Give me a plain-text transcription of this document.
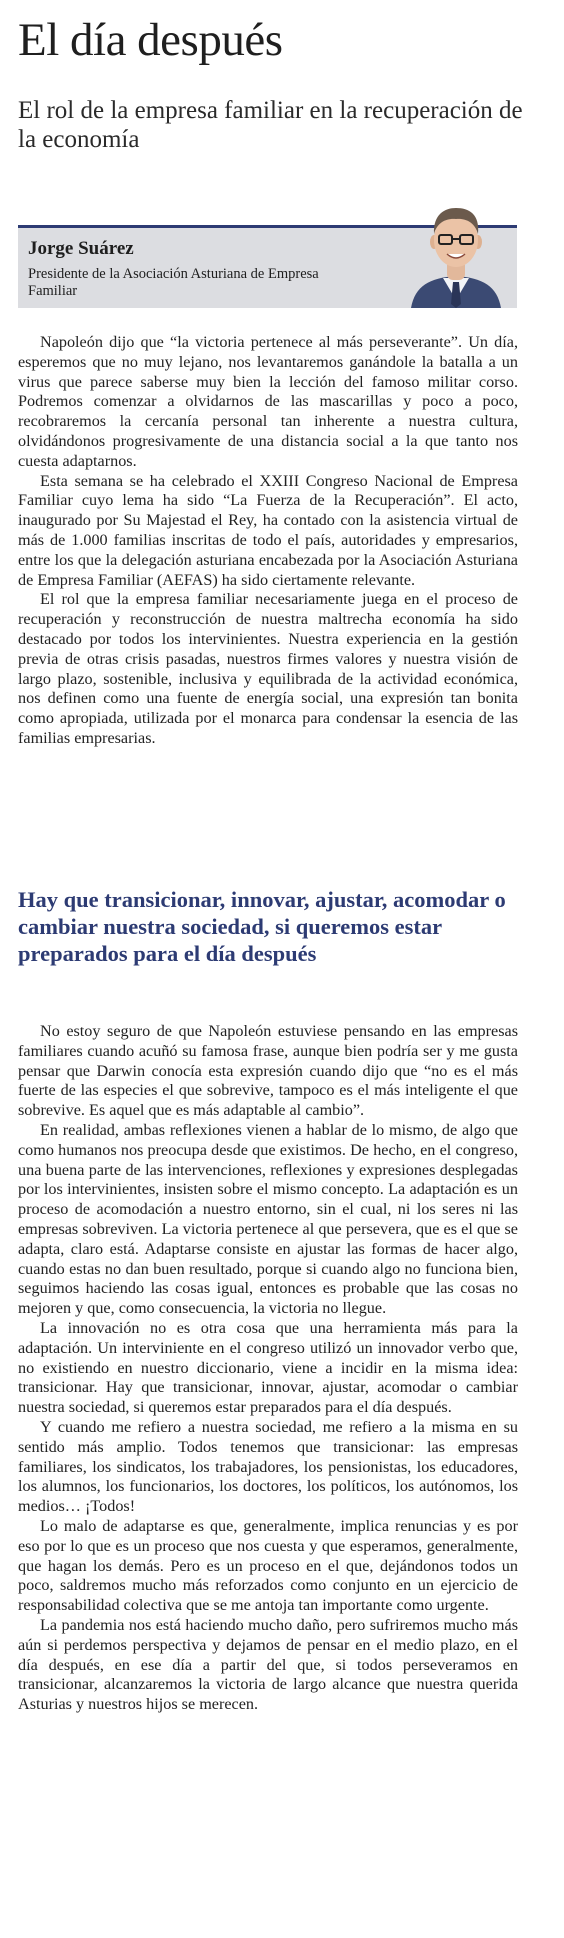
El día después
El rol de la empresa familiar en la recuperación de la economía
Jorge Suárez
Presidente de la Asociación Asturiana de Empresa Familiar

Napoleón dijo que “la victoria pertenece al más perseverante”. Un día, esperemos que no muy lejano, nos levantaremos ganándole la batalla a un virus que parece saberse muy bien la lección del famoso militar corso. Podremos comenzar a olvidarnos de las mascarillas y poco a poco, recobraremos la cercanía personal tan inherente a nuestra cultura, olvidándonos progresivamente de una distancia social a la que tanto nos cuesta adaptarnos.

Esta semana se ha celebrado el XXIII Congreso Nacional de Empresa Familiar cuyo lema ha sido “La Fuerza de la Recuperación”. El acto, inaugurado por Su Majestad el Rey, ha contado con la asistencia virtual de más de 1.000 familias inscritas de todo el país, autoridades y empresarios, entre los que la delegación asturiana encabezada por la Asociación Asturiana de Empresa Familiar (AEFAS) ha sido ciertamente relevante.

El rol que la empresa familiar necesariamente juega en el proceso de recuperación y reconstrucción de nuestra maltrecha economía ha sido destacado por todos los intervinientes. Nuestra experiencia en la gestión previa de otras crisis pasadas, nuestros firmes valores y nuestra visión de largo plazo, sostenible, inclusiva y equilibrada de la actividad económica, nos definen como una fuente de energía social, una expresión tan bonita como apropiada, utilizada por el monarca para condensar la esencia de las familias empresarias.

Hay que transicionar, innovar, ajustar, acomodar o cambiar nuestra sociedad, si queremos estar preparados para el día después

No estoy seguro de que Napoleón estuviese pensando en las empresas familiares cuando acuñó su famosa frase, aunque bien podría ser y me gusta pensar que Darwin conocía esta expresión cuando dijo que “no es el más fuerte de las especies el que sobrevive, tampoco es el más inteligente el que sobrevive. Es aquel que es más adaptable al cambio”.

En realidad, ambas reflexiones vienen a hablar de lo mismo, de algo que como humanos nos preocupa desde que existimos. De hecho, en el congreso, una buena parte de las intervenciones, reflexiones y expresiones desplegadas por los intervinientes, insisten sobre el mismo concepto. La adaptación es un proceso de acomodación a nuestro entorno, sin el cual, ni los seres ni las empresas sobreviven. La victoria pertenece al que persevera, que es el que se adapta, claro está. Adaptarse consiste en ajustar las formas de hacer algo, cuando estas no dan buen resultado, porque si cuando algo no funciona bien, seguimos haciendo las cosas igual, entonces es probable que las cosas no mejoren y que, como consecuencia, la victoria no llegue.

La innovación no es otra cosa que una herramienta más para la adaptación. Un interviniente en el congreso utilizó un innovador verbo que, no existiendo en nuestro diccionario, viene a incidir en la misma idea: transicionar. Hay que transicionar, innovar, ajustar, acomodar o cambiar nuestra sociedad, si queremos estar preparados para el día después.

Y cuando me refiero a nuestra sociedad, me refiero a la misma en su sentido más amplio. Todos tenemos que transicionar: las empresas familiares, los sindicatos, los trabajadores, los pensionistas, los educadores, los alumnos, los funcionarios, los doctores, los políticos, los autónomos, los medios… ¡Todos!

Lo malo de adaptarse es que, generalmente, implica renuncias y es por eso por lo que es un proceso que nos cuesta y que esperamos, generalmente, que hagan los demás. Pero es un proceso en el que, dejándonos todos un poco, saldremos mucho más reforzados como conjunto en un ejercicio de responsabilidad colectiva que se me antoja tan importante como urgente.

La pandemia nos está haciendo mucho daño, pero sufriremos mucho más aún si perdemos perspectiva y dejamos de pensar en el medio plazo, en el día después, en ese día a partir del que, si todos perseveramos en transicionar, alcanzaremos la victoria de largo alcance que nuestra querida Asturias y nuestros hijos se merecen.
